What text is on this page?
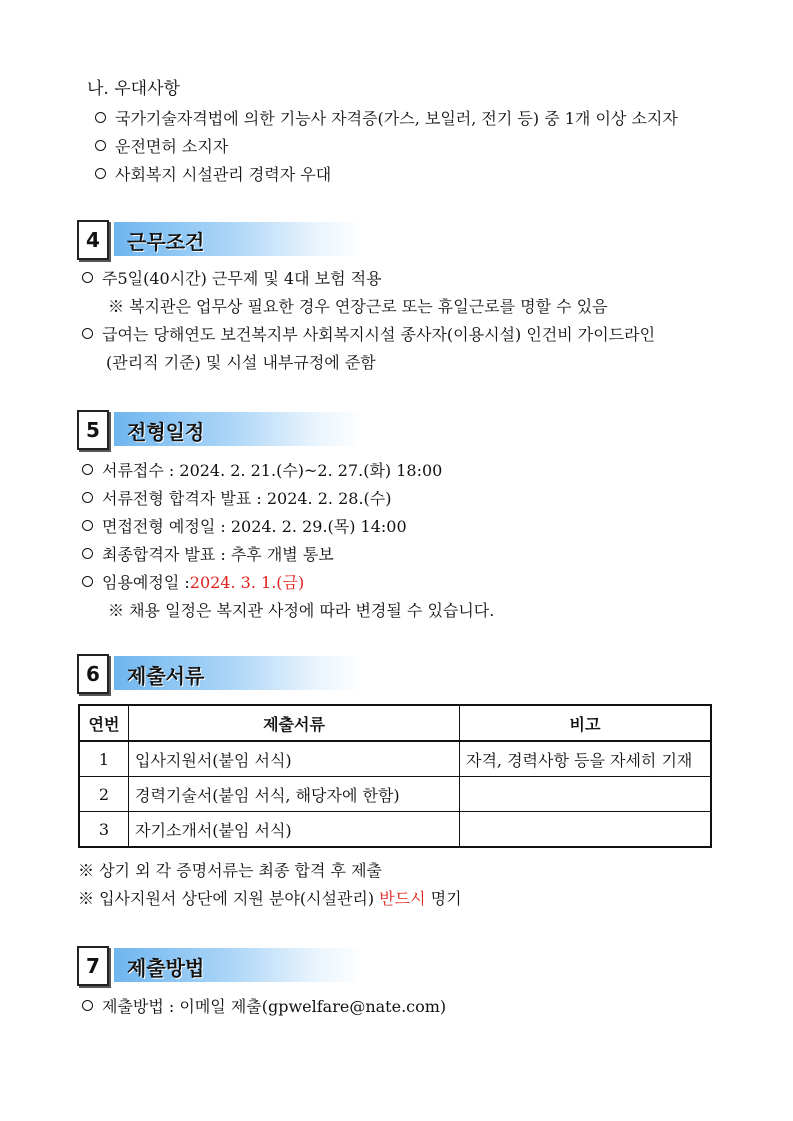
나. 우대사항
국가기술자격법에 의한 기능사 자격증(가스, 보일러, 전기 등) 중 1개 이상 소지자
운전면허 소지자
사회복지 시설관리 경력자 우대
4	근무조건
주5일(40시간) 근무제 및 4대 보험 적용
※ 복지관은 업무상 필요한 경우 연장근로 또는 휴일근로를 명할 수 있음
급여는 당해연도 보건복지부 사회복지시설 종사자(이용시설) 인건비 가이드라인
(관리직 기준) 및 시설 내부규정에 준함
5	전형일정
서류접수 : 2024. 2. 21.(수)~2. 27.(화) 18:00
서류전형 합격자 발표 : 2024. 2. 28.(수)
면접전형 예정일 : 2024. 2. 29.(목) 14:00
최종합격자 발표 : 추후 개별 통보
임용예정일 : 2024. 3. 1.(금)
※ 채용 일정은 복지관 사정에 따라 변경될 수 있습니다.
6	제출서류
연번	제출서류	비고
1	입사지원서(붙임 서식)	자격, 경력사항 등을 자세히 기재
2	경력기술서(붙임 서식, 해당자에 한함)	
3	자기소개서(붙임 서식)	
※ 상기 외 각 증명서류는 최종 합격 후 제출
※ 입사지원서 상단에 지원 분야(시설관리) 반드시 명기
7	제출방법
제출방법 : 이메일 제출(gpwelfare@nate.com)
